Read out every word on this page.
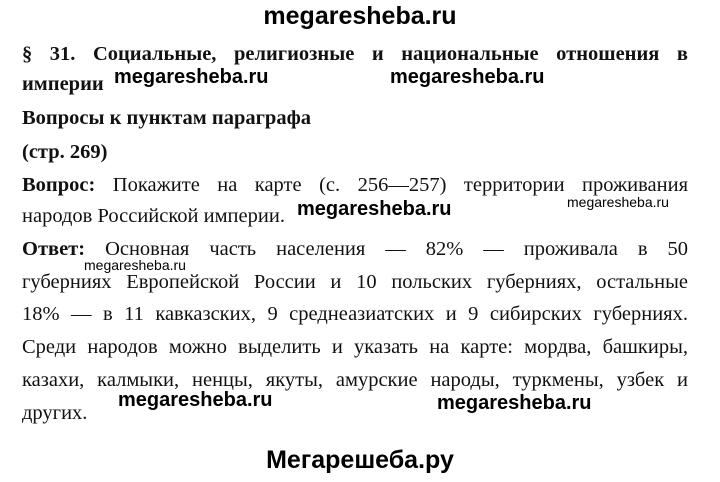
megaresheba.ru
§ 31. Социальные, религиозные и национальные отношения в
империи megaresheba.ru	megaresheba.ru
Вопросы к пунктам параграфа
(стр. 269)
Вопрос: Покажите на карте (с. 256—257) территории проживания
народов Российской империи. megaresheba.ru	megaresheba.ru
Ответ: Основная часть населения — 82% — проживала в 50
megaresheba.ru
губерниях Европейской России и 10 польских губерниях, остальные
18% — в 11 кавказских, 9 среднеазиатских и 9 сибирских губерниях.
Среди народов можно выделить и указать на карте: мордва, башкиры,
казахи, калмыки, ненцы, якуты, амурские народы, туркмены, узбек и
других.
megaresheba.ru	megaresheba.ru
Мегарешеба.ру
